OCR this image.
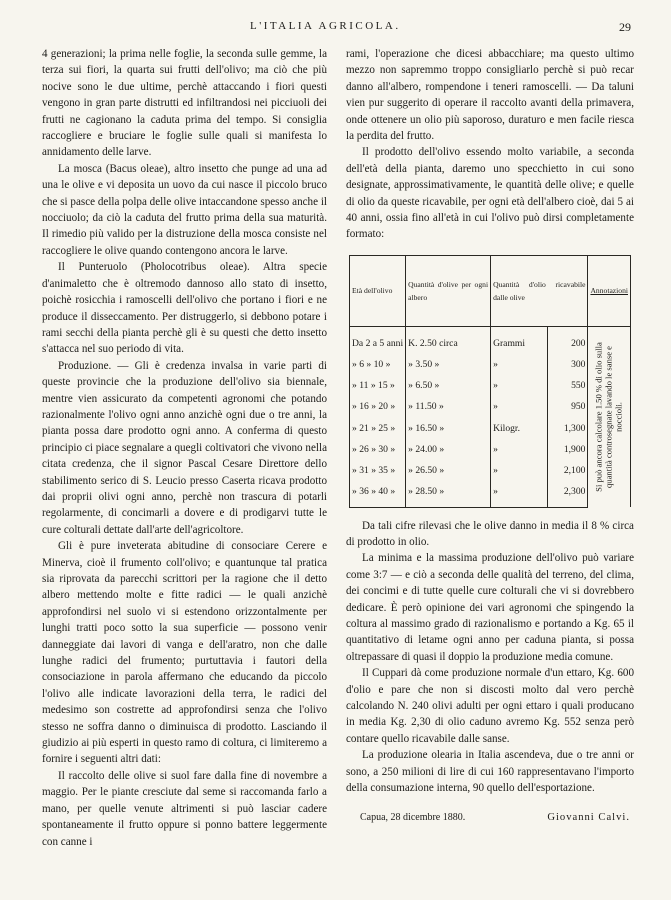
L'ITALIA AGRICOLA.	29

4 generazioni; la prima nelle foglie, la seconda sulle gemme, la terza sui fiori, la quarta sui frutti dell'olivo; ma ciò che più nocive sono le due ultime, perchè attaccando i fiori questi vengono in gran parte distrutti ed infiltrandosi nei picciuoli dei frutti ne cagionano la caduta prima del tempo. Si consiglia raccogliere e bruciare le foglie sulle quali si manifesta lo annidamento delle larve.

La mosca (Bacus oleae), altro insetto che punge ad una ad una le olive e vi deposita un uovo da cui nasce il piccolo bruco che si pasce della polpa delle olive intaccandone spesso anche il nocciuolo; da ciò la caduta del frutto prima della sua maturità. Il rimedio più valido per la distruzione della mosca consiste nel raccogliere le olive quando contengono ancora le larve.

Il Punteruolo (Pholocotribus oleae). Altra specie d'animaletto che è oltremodo dannoso allo stato di insetto, poichè rosicchia i ramoscelli dell'olivo che portano i fiori e ne produce il disseccamento. Per distruggerlo, si debbono potare i rami secchi della pianta perchè gli è su questi che detto insetto s'attacca nel suo periodo di vita.

Produzione. — Gli è credenza invalsa in varie parti di queste provincie che la produzione dell'olivo sia biennale, mentre vien assicurato da competenti agronomi che potando razionalmente l'olivo ogni anno anzichè ogni due o tre anni, la pianta possa dare prodotto ogni anno. A conferma di questo principio ci piace segnalare a quegli coltivatori che vivono nella citata credenza, che il signor Pascal Cesare Direttore dello stabilimento serico di S. Leucio presso Caserta ricava prodotto dai proprii olivi ogni anno, perchè non trascura di potarli regolarmente, di concimarli a dovere e di prodigarvi tutte le cure colturali dettate dall'arte dell'agricoltore.

Gli è pure inveterata abitudine di consociare Cerere e Minerva, cioè il frumento coll'olivo; e quantunque tal pratica sia riprovata da parecchi scrittori per la ragione che il detto albero mettendo molte e fitte radici — le quali anzichè approfondirsi nel suolo vi si estendono orizzontalmente per lunghi tratti poco sotto la sua superficie — possono venir danneggiate dai lavori di vanga e dell'aratro, non che dalle lunghe radici del frumento; purtuttavia i fautori della consociazione in parola affermano che educando da piccolo l'olivo alle indicate lavorazioni della terra, le radici del medesimo son costrette ad approfondirsi senza che l'olivo stesso ne soffra danno o diminuisca di prodotto. Lasciando il giudizio ai più esperti in questo ramo di coltura, ci limiteremo a fornire i seguenti altri dati:

Il raccolto delle olive si suol fare dalla fine di novembre a maggio. Per le piante cresciute dal seme si raccomanda farlo a mano, per quelle venute altrimenti si può lasciar cadere spontaneamente il frutto oppure si ponno battere leggermente con canne i

rami, l'operazione che dicesi abbacchiare; ma questo ultimo mezzo non sapremmo troppo consigliarlo perchè si può recar danno all'albero, rompendone i teneri ramoscelli. — Da taluni vien pur suggerito di operare il raccolto avanti della primavera, onde ottenere un olio più saporoso, duraturo e men facile riesca la perdita del frutto.

Il prodotto dell'olivo essendo molto variabile, a seconda dell'età della pianta, daremo uno specchietto in cui sono designate, approssimativamente, le quantità delle olive; e quelle di olio da queste ricavabile, per ogni età dell'albero cioè, dai 5 ai 40 anni, ossia fino all'età in cui l'olivo può dirsi completamente formato:

Età dell'olivo	Quantità d'olive per ogni albero	Quantità d'olio ricavabile dalle olive		Annotazioni
Da 2 a 5 anni	K. 2.50 circa	Grammi	200	Si può ancora calcolare 1.50 % di olio sulla quantità controsegnate lavando le sanse e noccioli.

» 6 » 10 »	» 3.50 »	»	300	
» 11 » 15 »	» 6.50 »	»	550	
» 16 » 20 »	» 11.50 »	»	950	
» 21 » 25 »	» 16.50 »	Kilogr.	1,300	
» 26 » 30 »	» 24.00 »	»	1,900	
» 31 » 35 »	» 26.50 »	»	2,100	
» 36 » 40 »	» 28.50 »	»	2,300	

Da tali cifre rilevasi che le olive danno in media il 8 % circa di prodotto in olio.

La minima e la massima produzione dell'olivo può variare come 3:7 — e ciò a seconda delle qualità del terreno, del clima, dei concimi e di tutte quelle cure colturali che vi si dovrebbero dedicare. È però opinione dei vari agronomi che spingendo la coltura al massimo grado di razionalismo e portando a Kg. 65 il quantitativo di letame ogni anno per caduna pianta, si possa oltrepassare di quasi il doppio la produzione media comune.

Il Cuppari dà come produzione normale d'un ettaro, Kg. 600 d'olio e pare che non si discosti molto dal vero perchè calcolando N. 240 olivi adulti per ogni ettaro i quali producano in media Kg. 2,30 di olio caduno avremo Kg. 552 senza però contare quello ricavabile dalle sanse.

La produzione olearia in Italia ascendeva, due o tre anni or sono, a 250 milioni di lire di cui 160 rappresentavano l'importo della consumazione interna, 90 quello dell'esportazione.

Capua, 28 dicembre 1880.	Giovanni Calvi.
